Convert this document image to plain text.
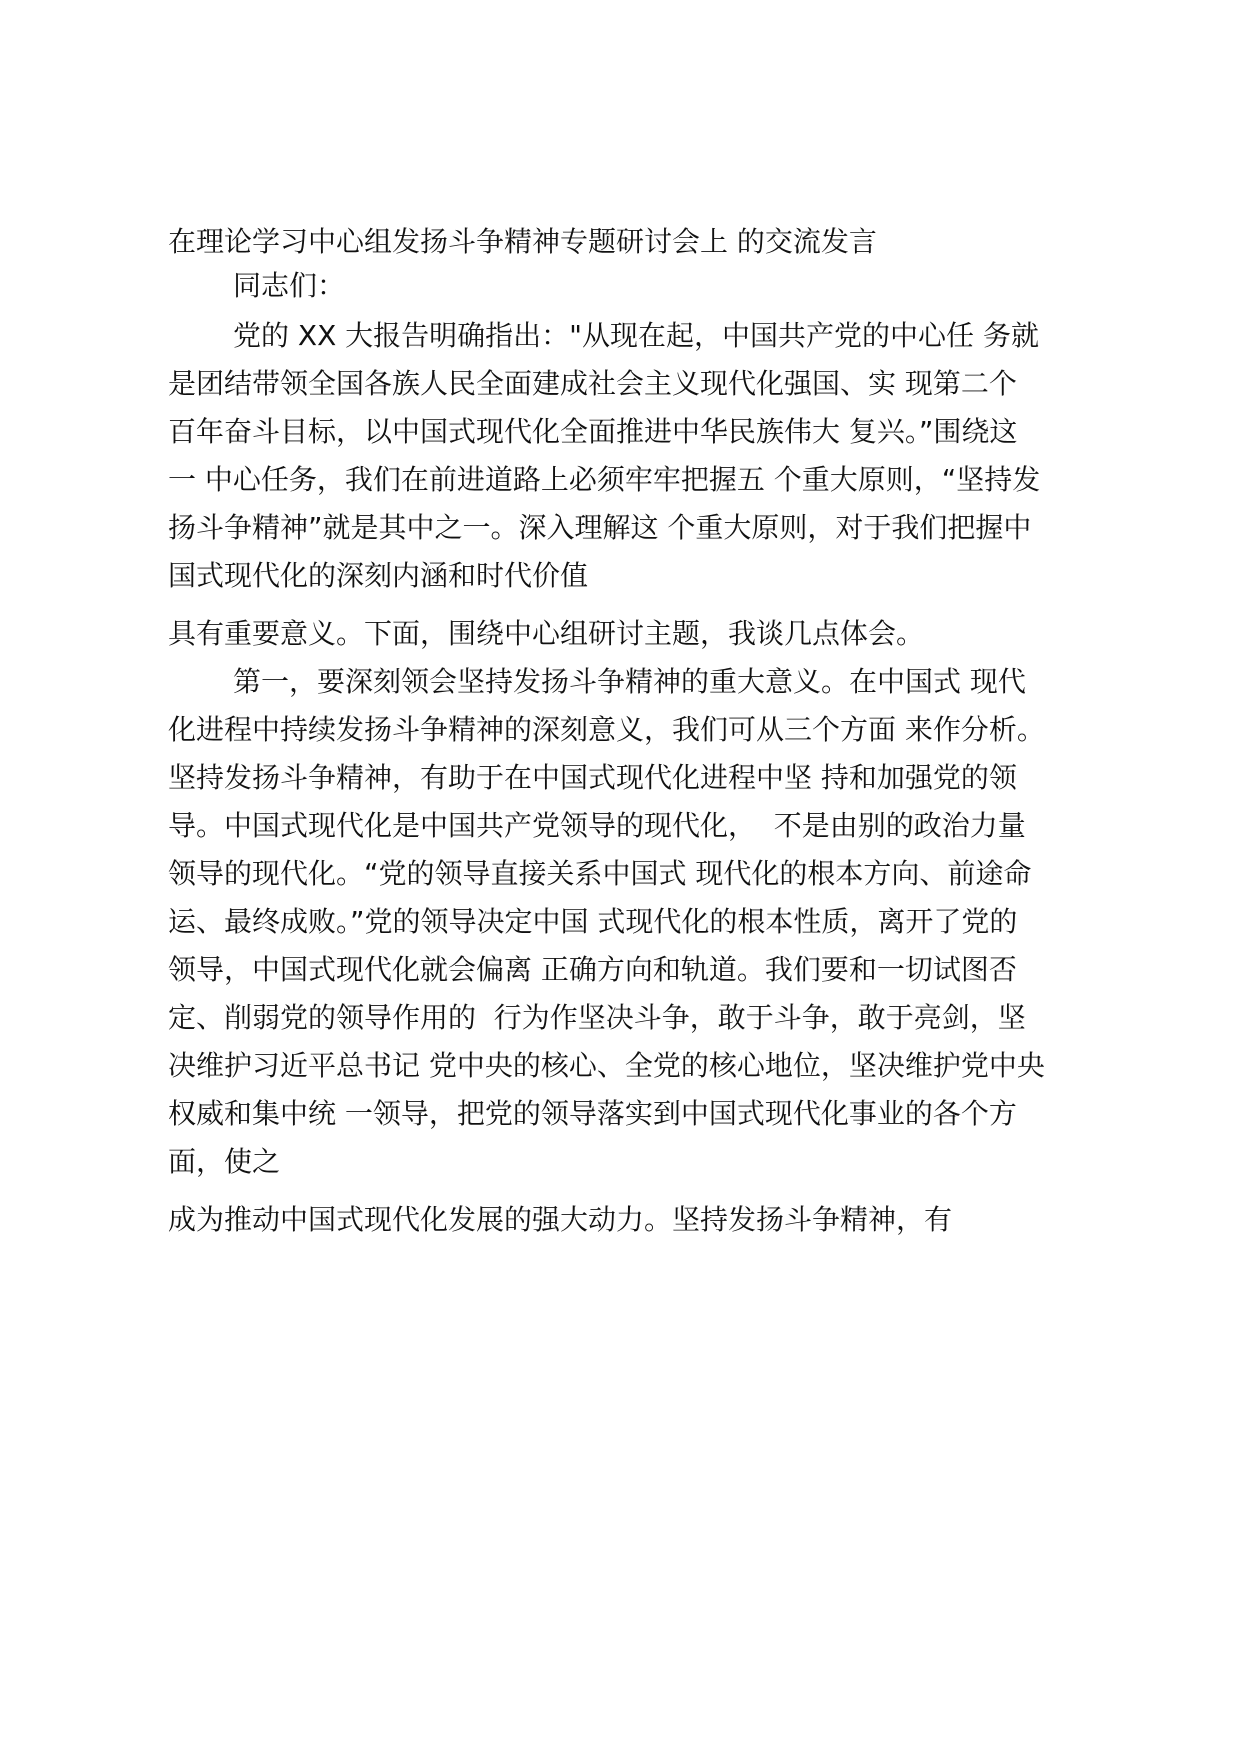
在理论学习中心组发扬斗争精神专题研讨会上 的交流发言
同志们：
党的 XX 大报告明确指出："从现在起，中国共产党的中心任 务就
是团结带领全国各族人民全面建成社会主义现代化强国、实 现第二个
百年奋斗目标，以中国式现代化全面推进中华民族伟大 复兴。”围绕这
一 中心任务，我们在前进道路上必须牢牢把握五 个重大原则，“坚持发
扬斗争精神”就是其中之一。深入理解这 个重大原则，对于我们把握中
国式现代化的深刻内涵和时代价值
具有重要意义。下面，围绕中心组研讨主题，我谈几点体会。
第一，要深刻领会坚持发扬斗争精神的重大意义。在中国式 现代
化进程中持续发扬斗争精神的深刻意义，我们可从三个方面 来作分析。
坚持发扬斗争精神，有助于在中国式现代化进程中坚 持和加强党的领
导。中国式现代化是中国共产党领导的现代化，  不是由别的政治力量
领导的现代化。“党的领导直接关系中国式 现代化的根本方向、前途命
运、最终成败。”党的领导决定中国 式现代化的根本性质，离开了党的
领导，中国式现代化就会偏离 正确方向和轨道。我们要和一切试图否
定、削弱党的领导作用的  行为作坚决斗争，敢于斗争，敢于亮剑，坚
决维护习近平总书记 党中央的核心、全党的核心地位，坚决维护党中央
权威和集中统 一领导，把党的领导落实到中国式现代化事业的各个方
面，使之
成为推动中国式现代化发展的强大动力。坚持发扬斗争精神，有
